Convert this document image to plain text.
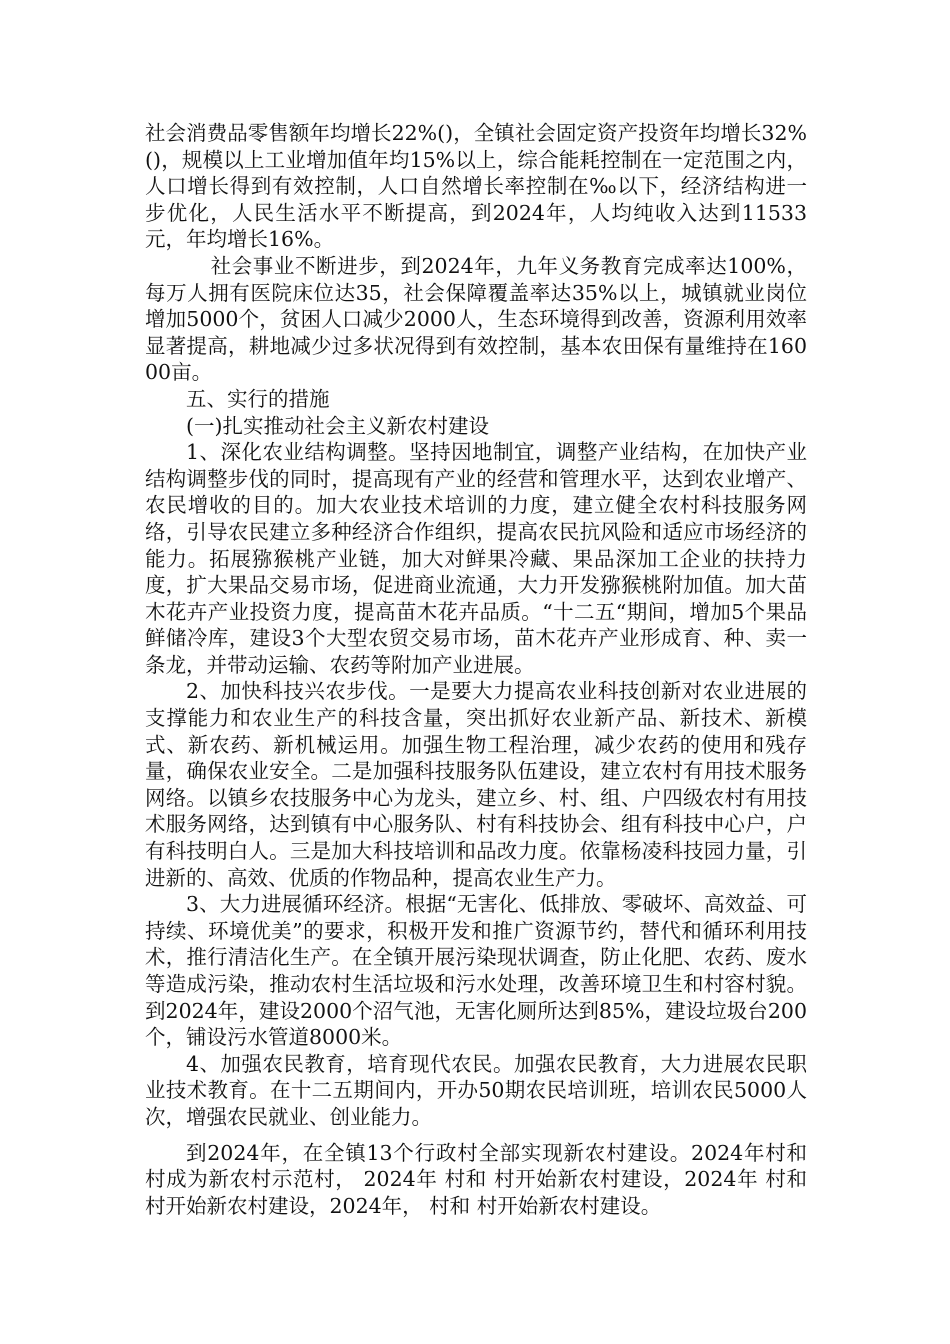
社会消费品零售额年均增长22%()，全镇社会固定资产投资年均增长32%()，规模以上工业增加值年均15%以上，综合能耗控制在一定范围之内，人口增长得到有效控制，人口自然增长率控制在‰以下，经济结构进一步优化，人民生活水平不断提高，到2024年，人均纯收入达到11533元，年均增长16%。

社会事业不断进步，到2024年，九年义务教育完成率达100%，每万人拥有医院床位达35，社会保障覆盖率达35%以上，城镇就业岗位增加5000个，贫困人口减少2000人，生态环境得到改善，资源利用效率显著提高，耕地减少过多状况得到有效控制，基本农田保有量维持在16000亩。

五、实行的措施

(一)扎实推动社会主义新农村建设

1、深化农业结构调整。坚持因地制宜，调整产业结构，在加快产业结构调整步伐的同时，提高现有产业的经营和管理水平，达到农业增产、农民增收的目的。加大农业技术培训的力度，建立健全农村科技服务网络，引导农民建立多种经济合作组织，提高农民抗风险和适应市场经济的能力。拓展猕猴桃产业链，加大对鲜果冷藏、果品深加工企业的扶持力度，扩大果品交易市场，促进商业流通，大力开发猕猴桃附加值。加大苗木花卉产业投资力度，提高苗木花卉品质。“十二五“期间，增加5个果品鲜储冷库，建设3个大型农贸交易市场，苗木花卉产业形成育、种、卖一条龙，并带动运输、农药等附加产业进展。

2、加快科技兴农步伐。一是要大力提高农业科技创新对农业进展的支撑能力和农业生产的科技含量，突出抓好农业新产品、新技术、新模式、新农药、新机械运用。加强生物工程治理，减少农药的使用和残存量，确保农业安全。二是加强科技服务队伍建设，建立农村有用技术服务网络。以镇乡农技服务中心为龙头，建立乡、村、组、户四级农村有用技术服务网络，达到镇有中心服务队、村有科技协会、组有科技中心户，户有科技明白人。三是加大科技培训和品改力度。依靠杨凌科技园力量，引进新的、高效、优质的作物品种，提高农业生产力。

3、大力进展循环经济。根据“无害化、低排放、零破坏、高效益、可持续、环境优美”的要求，积极开发和推广资源节约，替代和循环利用技术，推行清洁化生产。在全镇开展污染现状调查，防止化肥、农药、废水等造成污染，推动农村生活垃圾和污水处理，改善环境卫生和村容村貌。到2024年，建设2000个沼气池，无害化厕所达到85%，建设垃圾台200个，铺设污水管道8000米。

4、加强农民教育，培育现代农民。加强农民教育，大力进展农民职业技术教育。在十二五期间内，开办50期农民培训班，培训农民5000人次，增强农民就业、创业能力。

到2024年，在全镇13个行政村全部实现新农村建设。2024年村和村成为新农村示范村， 2024年 村和 村开始新农村建设，2024年 村和村开始新农村建设，2024年， 村和 村开始新农村建设。
